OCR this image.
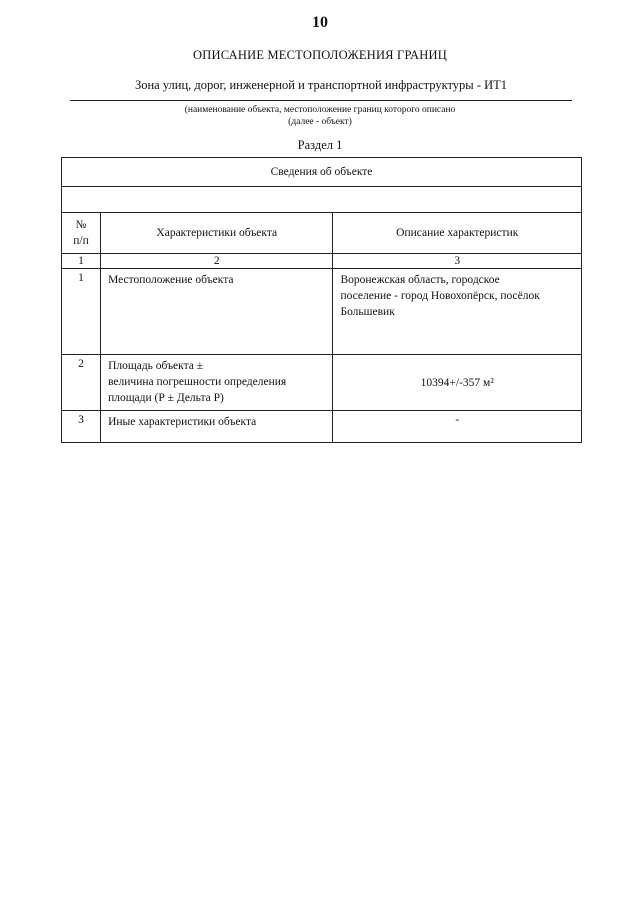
10
ОПИСАНИЕ МЕСТОПОЛОЖЕНИЯ ГРАНИЦ
Зона улиц, дорог, инженерной и транспортной инфраструктуры - ИТ1
(наименование объекта, местоположение границ которого описано
(далее - объект)
Раздел 1
Сведения об объекте		

№
п/п	Характеристики объекта	Описание характеристик
1	2	3
1	Местоположение объекта	Воронежская область, городское
поселение - город Новохопёрск, посёлок
Большевик

2	Площадь объекта ±
величина погрешности определения
площади (Р ± Дельта Р)	10394+/-357 м²
3	Иные характеристики объекта	-
